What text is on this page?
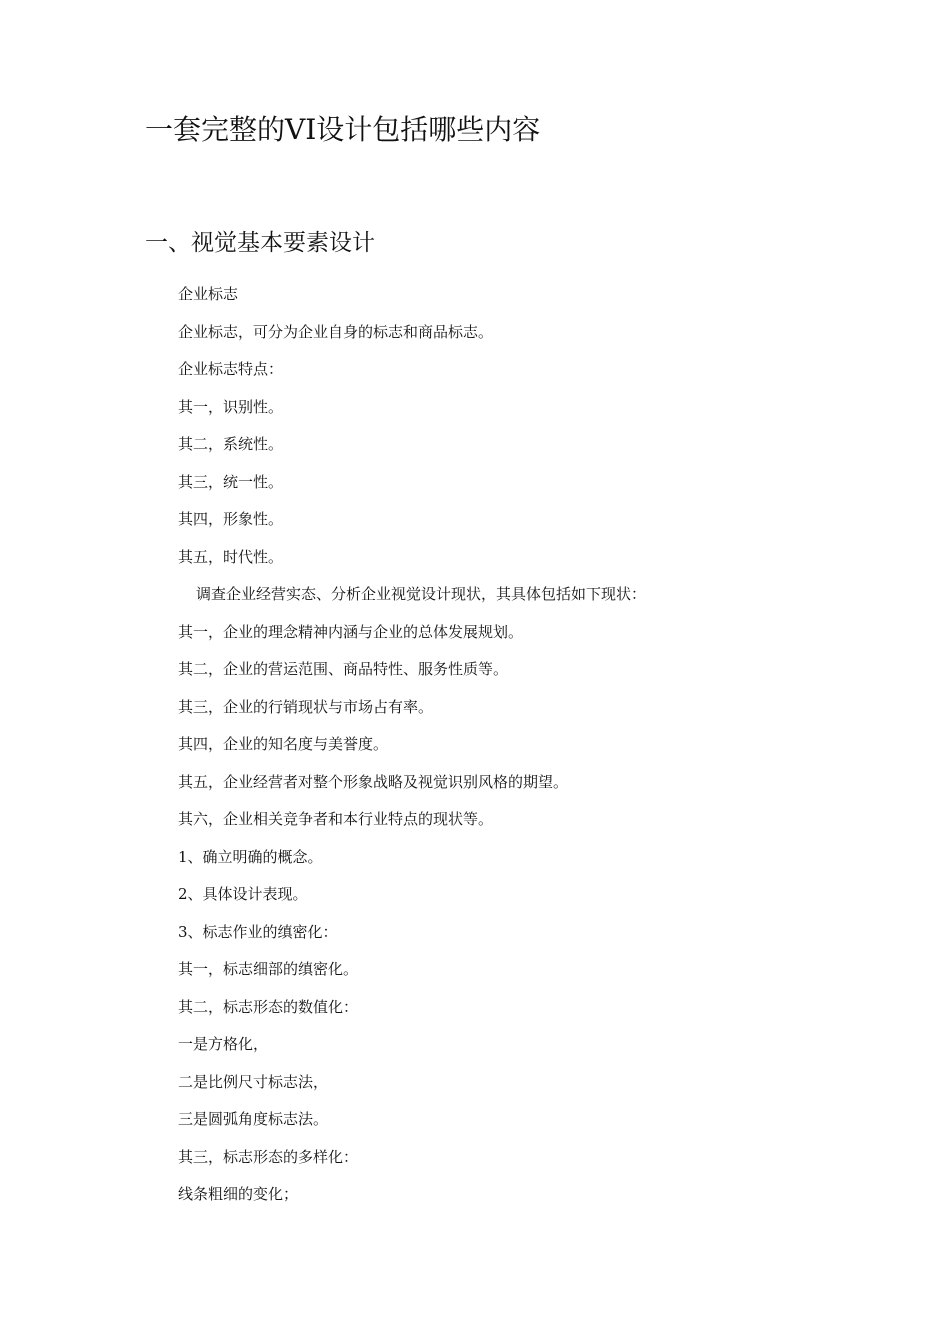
一套完整的VI设计包括哪些内容
一、视觉基本要素设计
企业标志
企业标志，可分为企业自身的标志和商品标志。
企业标志特点：
其一，识别性。
其二，系统性。
其三，统一性。
其四，形象性。
其五，时代性。
调查企业经营实态、分析企业视觉设计现状，其具体包括如下现状：
其一，企业的理念精神内涵与企业的总体发展规划。
其二，企业的营运范围、商品特性、服务性质等。
其三，企业的行销现状与市场占有率。
其四，企业的知名度与美誉度。
其五，企业经营者对整个形象战略及视觉识别风格的期望。
其六，企业相关竞争者和本行业特点的现状等。
1、确立明确的概念。
2、具体设计表现。
3、标志作业的缜密化：
其一，标志细部的缜密化。
其二，标志形态的数值化：
一是方格化，
二是比例尺寸标志法，
三是圆弧角度标志法。
其三，标志形态的多样化：
线条粗细的变化；
